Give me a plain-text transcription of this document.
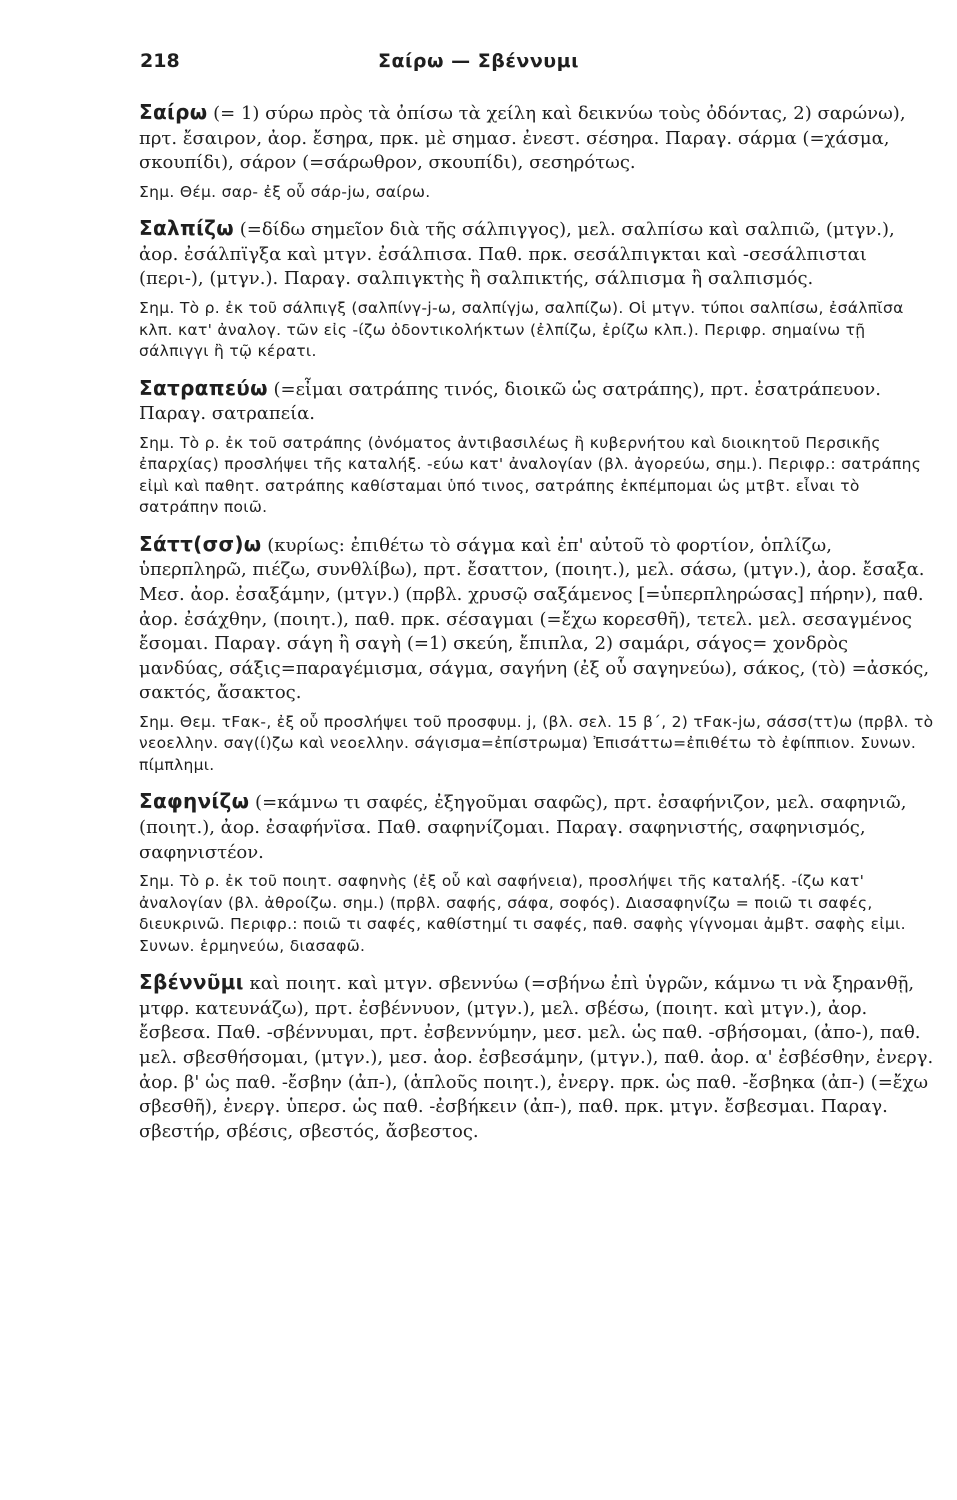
218	Σαίρω — Σβέννυμι

Σαίρω (= 1) σύρω πρὸς τὰ ὀπίσω τὰ χείλη καὶ δεικνύω τοὺς ὀδόντας, 2) σαρώνω), πρτ. ἔσαιρον, ἀορ. ἔσηρα, πρκ. μὲ σημασ. ἐνεστ. σέσηρα. Παραγ. σάρμα (=χάσμα, σκουπίδι), σάρον (=σάρωθρον, σκουπίδι), σεσηρότως.

Σημ. Θέμ. σαρ- ἐξ οὗ σάρ-jω, σαίρω.

Σαλπίζω (=δίδω σημεῖον διὰ τῆς σάλπιγγος), μελ. σαλπίσω καὶ σαλπιῶ, (μτγν.), ἀορ. ἐσάλπϊγξα καὶ μτγν. ἐσάλπισα. Παθ. πρκ. σεσάλπιγκται καὶ -σεσάλπισται (περι-), (μτγν.). Παραγ. σαλπιγκτὴς ἢ σαλπικτής, σάλπισμα ἢ σαλπισμός.

Σημ. Τὸ ρ. ἐκ τοῦ σάλπιγξ (σαλπίνγ-j-ω, σαλπίγjω, σαλπίζω). Οἱ μτγν. τύποι σαλπίσω, ἐσάλπῐσα κλπ. κατ' ἀναλογ. τῶν εἰς -ίζω ὀδοντικολήκτων (ἐλπίζω, ἐρίζω κλπ.). Περιφρ. σημαίνω τῇ σάλπιγγι ἢ τῷ κέρατι.

Σατραπεύω (=εἶμαι σατράπης τινός, διοικῶ ὡς σατράπης), πρτ. ἐσατράπευον. Παραγ. σατραπεία.

Σημ. Τὸ ρ. ἐκ τοῦ σατράπης (ὀνόματος ἀντιβασιλέως ἢ κυβερνήτου καὶ διοικητοῦ Περσικῆς ἐπαρχίας) προσλήψει τῆς καταλήξ. -εύω κατ' ἀναλογίαν (βλ. ἀγορεύω, σημ.). Περιφρ.: σατράπης εἰμὶ καὶ παθητ. σατράπης καθίσταμαι ὑπό τινος, σατράπης ἐκπέμπομαι ὡς μτβτ. εἶναι τὸ σατράπην ποιῶ.

Σάττ(σσ)ω (κυρίως: ἐπιθέτω τὸ σάγμα καὶ ἐπ' αὐτοῦ τὸ φορτίον, ὁπλίζω, ὑπερπληρῶ, πιέζω, συνθλίβω), πρτ. ἔσαττον, (ποιητ.), μελ. σάσω, (μτγν.), ἀορ. ἔσαξα. Μεσ. ἀορ. ἐσαξάμην, (μτγν.) (πρβλ. χρυσῷ σαξάμενος [=ὑπερπληρώσας] πήρην), παθ. ἀορ. ἐσάχθην, (ποιητ.), παθ. πρκ. σέσαγμαι (=ἔχω κορεσθῆ), τετελ. μελ. σεσαγμένος ἔσομαι. Παραγ. σάγη ἢ σαγὴ (=1) σκεύη, ἔπιπλα, 2) σαμάρι, σάγος= χονδρὸς μανδύας, σάξις=παραγέμισμα, σάγμα, σαγήνη (ἐξ οὗ σαγηνεύω), σάκος, (τὸ) =ἀσκός, σακτός, ἄσακτος.

Σημ. Θεμ. τFακ-, ἐξ οὗ προσλήψει τοῦ προσφυμ. j, (βλ. σελ. 15 β΄, 2) τFακ-jω, σάσσ(ττ)ω (πρβλ. τὸ νεοελλην. σαγ(ί)ζω καὶ νεοελλην. σάγισμα=ἐπίστρωμα) Ἐπισάττω=ἐπιθέτω τὸ ἐφίππιον. Συνων. πίμπλημι.

Σαφηνίζω (=κάμνω τι σαφές, ἐξηγοῦμαι σαφῶς), πρτ. ἐσαφήνιζον, μελ. σαφηνιῶ, (ποιητ.), ἀορ. ἐσαφήνϊσα. Παθ. σαφηνίζομαι. Παραγ. σαφηνιστής, σαφηνισμός, σαφηνιστέον.

Σημ. Τὸ ρ. ἐκ τοῦ ποιητ. σαφηνὴς (ἐξ οὗ καὶ σαφήνεια), προσλήψει τῆς καταλήξ. -ίζω κατ' ἀναλογίαν (βλ. ἀθροίζω. σημ.) (πρβλ. σαφής, σάφα, σοφός). Διασαφηνίζω = ποιῶ τι σαφές, διευκρινῶ. Περιφρ.: ποιῶ τι σαφές, καθίστημί τι σαφές, παθ. σαφὴς γίγνομαι ἀμβτ. σαφὴς εἰμι. Συνων. ἑρμηνεύω, διασαφῶ.

Σβέννῦμι καὶ ποιητ. καὶ μτγν. σβεννύω (=σβήνω ἐπὶ ὑγρῶν, κάμνω τι νὰ ξηρανθῇ, μτφρ. κατευνάζω), πρτ. ἐσβέννυον, (μτγν.), μελ. σβέσω, (ποιητ. καὶ μτγν.), ἀορ. ἔσβεσα. Παθ. -σβέννυμαι, πρτ. ἐσβεννύμην, μεσ. μελ. ὡς παθ. -σβήσομαι, (ἀπο-), παθ. μελ. σβεσθήσομαι, (μτγν.), μεσ. ἀορ. ἐσβεσάμην, (μτγν.), παθ. ἀορ. α' ἐσβέσθην, ἐνεργ. ἀορ. β' ὡς παθ. -ἔσβην (ἀπ-), (ἁπλοῦς ποιητ.), ἐνεργ. πρκ. ὡς παθ. -ἔσβηκα (ἀπ-) (=ἔχω σβεσθῆ), ἐνεργ. ὑπερσ. ὡς παθ. -ἐσβήκειν (ἀπ-), παθ. πρκ. μτγν. ἔσβεσμαι. Παραγ. σβεστήρ, σβέσις, σβεστός, ἄσβεστος.
